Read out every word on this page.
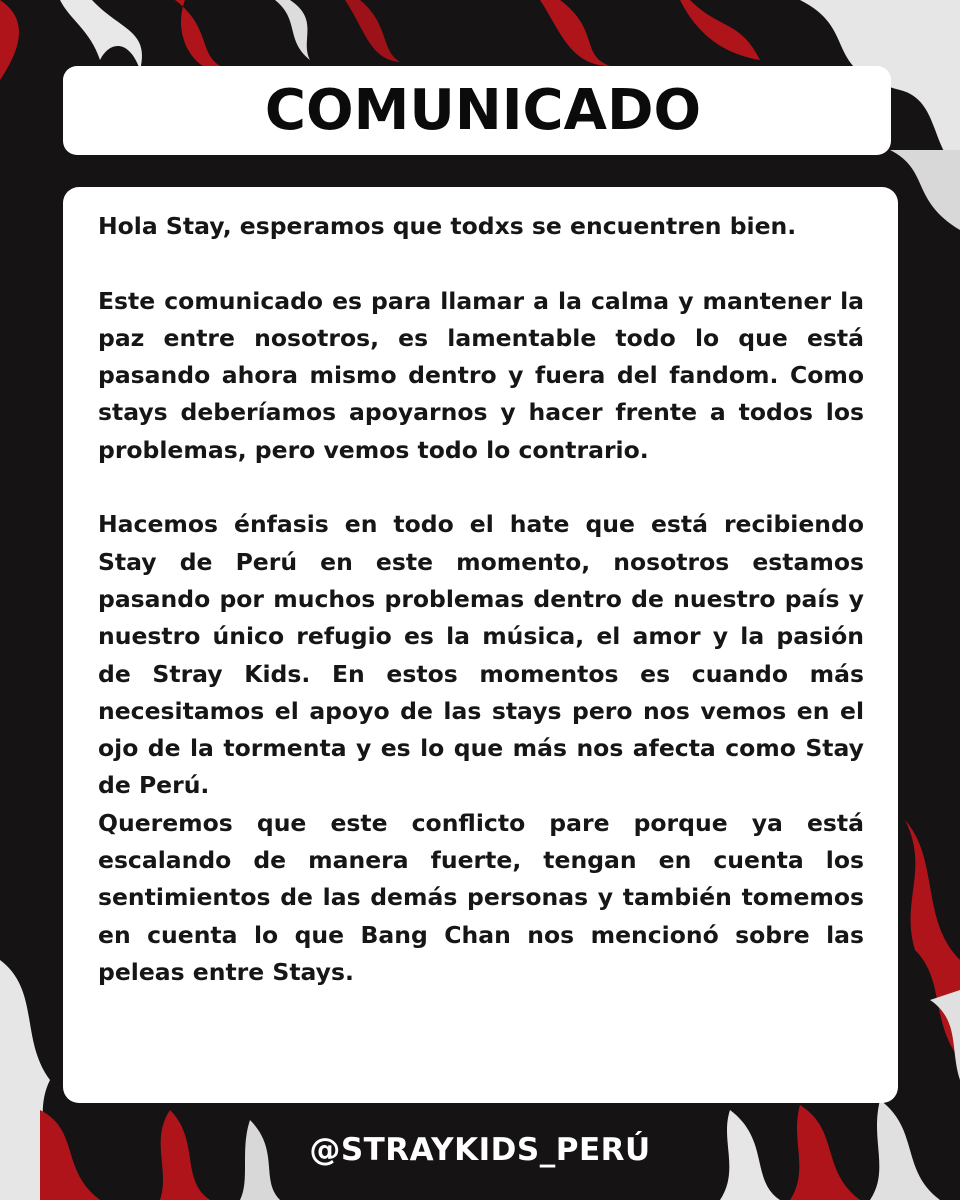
COMUNICADO

Hola Stay, esperamos que todxs se encuentren bien.

Este comunicado es para llamar a la calma y mantener la paz entre nosotros, es lamentable todo lo que está pasando ahora mismo dentro y fuera del fandom. Como stays deberíamos apoyarnos y hacer frente a todos los problemas, pero vemos todo lo contrario.

Hacemos énfasis en todo el hate que está recibiendo Stay de Perú en este momento, nosotros estamos pasando por muchos problemas dentro de nuestro país y nuestro único refugio es la música, el amor y la pasión de Stray Kids. En estos momentos es cuando más necesitamos el apoyo de las stays pero nos vemos en el ojo de la tormenta y es lo que más nos afecta como Stay de Perú.

Queremos que este conflicto pare porque ya está escalando de manera fuerte, tengan en cuenta los sentimientos de las demás personas y también tomemos en cuenta lo que Bang Chan nos mencionó sobre las peleas entre Stays.

@STRAYKIDS_PERÚ
